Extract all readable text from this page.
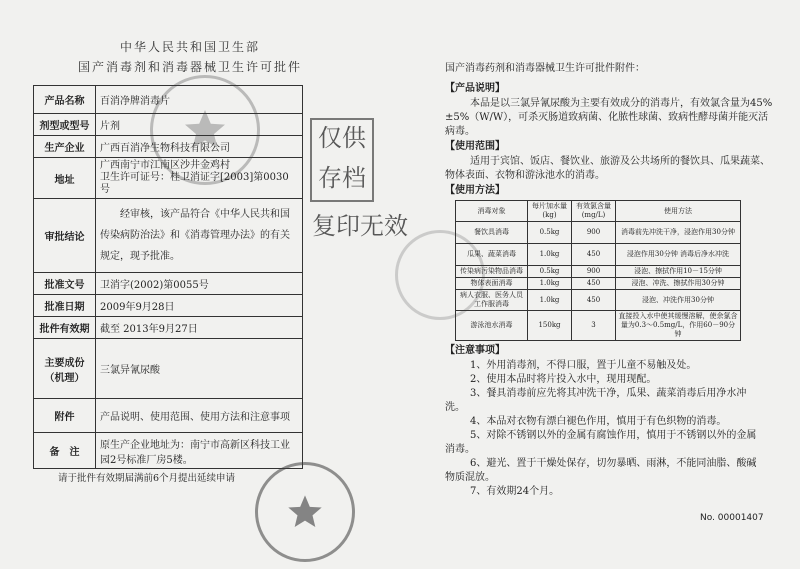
中华人民共和国卫生部
国产消毒剂和消毒器械卫生许可批件
产品名称	百消净牌消毒片
剂型或型号	片剂
生产企业	广西百消净生物科技有限公司
地址	广西南宁市江南区沙井金鸡村
卫生许可证号：桂卫消证字[2003]第0030号
审批结论	经审核，该产品符合《中华人民共和国传染病防治法》和《消毒管理办法》的有关规定，现予批准。
批准文号	卫消字(2002)第0055号
批准日期	2009年9月28日
批件有效期	截至 2013年9月27日
主要成份（机理）	三氯异氰尿酸
附件	产品说明、使用范围、使用方法和注意事项
备　注	原生产企业地址为：南宁市高新区科技工业园2号标准厂房5楼。
请于批件有效期届满前6个月提出延续申请
仅供
存档
复印无效
国产消毒药剂和消毒器械卫生许可批件附件：
【产品说明】
本品是以三氯异氰尿酸为主要有效成分的消毒片，有效氯含量为45%±5%（W/W），可杀灭肠道致病菌、化脓性球菌、致病性酵母菌并能灭活病毒。
【使用范围】
适用于宾馆、饭店、餐饮业、旅游及公共场所的餐饮具、瓜果蔬菜、物体表面、衣物和游泳池水的消毒。
【使用方法】
消毒对象	每片加水量(kg)	有效氯含量(mg/L)	使用方法
餐饮具消毒	0.5kg	900	消毒前先冲洗干净，浸泡作用30分钟
瓜果、蔬菜消毒	1.0kg	450	浸泡作用30分钟 消毒后净水冲洗
传染病污染物品消毒	0.5kg	900	浸泡、擦拭作用10－15分钟
物体表面消毒	1.0kg	450	浸泡、冲洗、擦拭作用30分钟
病人衣服、医务人员工作服消毒	1.0kg	450	浸泡、冲洗作用30分钟
游泳池水消毒	150kg	3	直接投入水中使其缓慢溶解，使余氯含量为0.3～0.5mg/L，作用60－90分钟
【注意事项】
1、外用消毒剂，不得口服，置于儿童不易触及处。
2、使用本品时将片投入水中，现用现配。
3、餐具消毒前应先将其冲洗干净，瓜果、蔬菜消毒后用净水冲洗。
4、本品对衣物有漂白褪色作用，慎用于有色织物的消毒。
5、对除不锈钢以外的金属有腐蚀作用，慎用于不锈钢以外的金属消毒。
6、避光、置于干燥处保存，切勿暴晒、雨淋，不能同油脂、酸碱物质混放。
7、有效期24个月。
No. 00001407
